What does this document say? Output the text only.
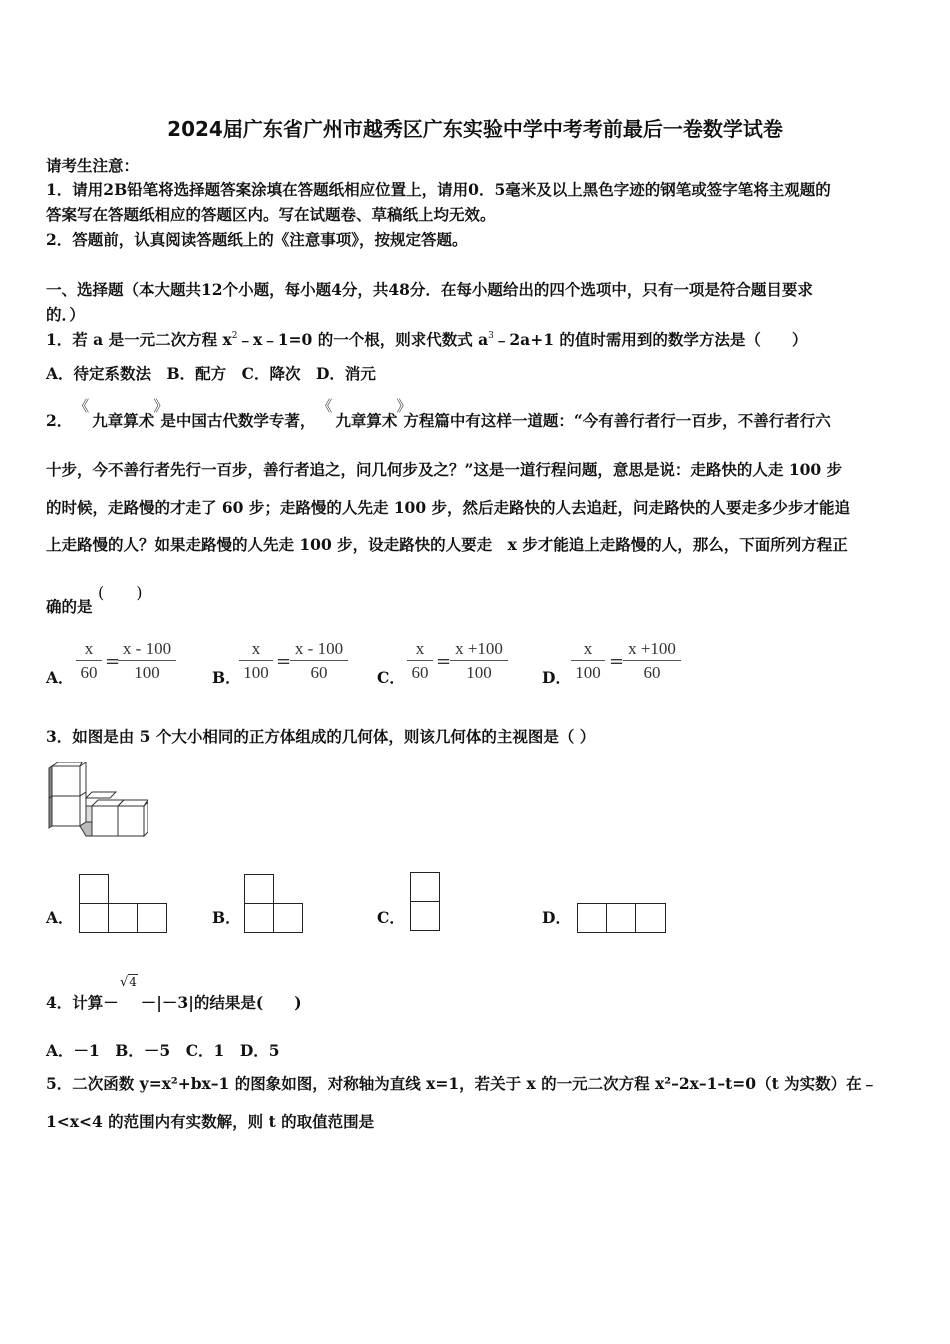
2024届广东省广州市越秀区广东实验中学中考考前最后一卷数学试卷
请考生注意：
1．请用2B铅笔将选择题答案涂填在答题纸相应位置上，请用0．5毫米及以上黑色字迹的钢笔或签字笔将主观题的
答案写在答题纸相应的答题区内。写在试题卷、草稿纸上均无效。
2．答题前，认真阅读答题纸上的《注意事项》，按规定答题。
一、选择题（本大题共12个小题，每小题4分，共48分．在每小题给出的四个选项中，只有一项是符合题目要求
的．）
1．若 a 是一元二次方程 $x^2﹣x﹣1=0$ 的一个根，则求代数式 $a^3﹣2a+1$ 的值时需用到的数学方法是（　　）
A．待定系数法　B．配方　C．降次　D．消元
2．
《
九章算术
》
是中国古代数学专著，
《
九章算术
》
方程篇中有这样一道题：“今有善行者行一百步，不善行者行六
十步，今不善行者先行一百步，善行者追之，问几何步及之？”这是一道行程问题，意思是说：走路快的人走 100 步
的时候，走路慢的才走了 60 步；走路慢的人先走 100 步，然后走路快的人去追赶，问走路快的人要走多少步才能追
上走路慢的人？如果走路慢的人先走 100 步，设走路快的人要走　x 步才能追上走路慢的人，那么，下面所列方程正
确的是
(　　)
A． $\frac{x}{60}$ =
$\frac{x - 100}{100}$ B．
$\frac{x}{100}$ =
$\frac{x - 100}{60}$ C． $\frac{x}{60}$ =
$\frac{x +100}{100}$ D． $\frac{x}{100}$ =
$\frac{x +100}{60}$
3．如图是由 5 个大小相同的正方体组成的几何体，则该几何体的主视图是（ ）
A．	B．	C．	D．
4．计算－ －|－3|的结果是(　　)
√4
A．－1　B．－5　C．1　D．5
5．二次函数 y=x²+bx–1 的图象如图，对称轴为直线 x=1，若关于 x 的一元二次方程 x²–2x–1–t=0（t 为实数）在﹣
1<x<4 的范围内有实数解，则 t 的取值范围是
